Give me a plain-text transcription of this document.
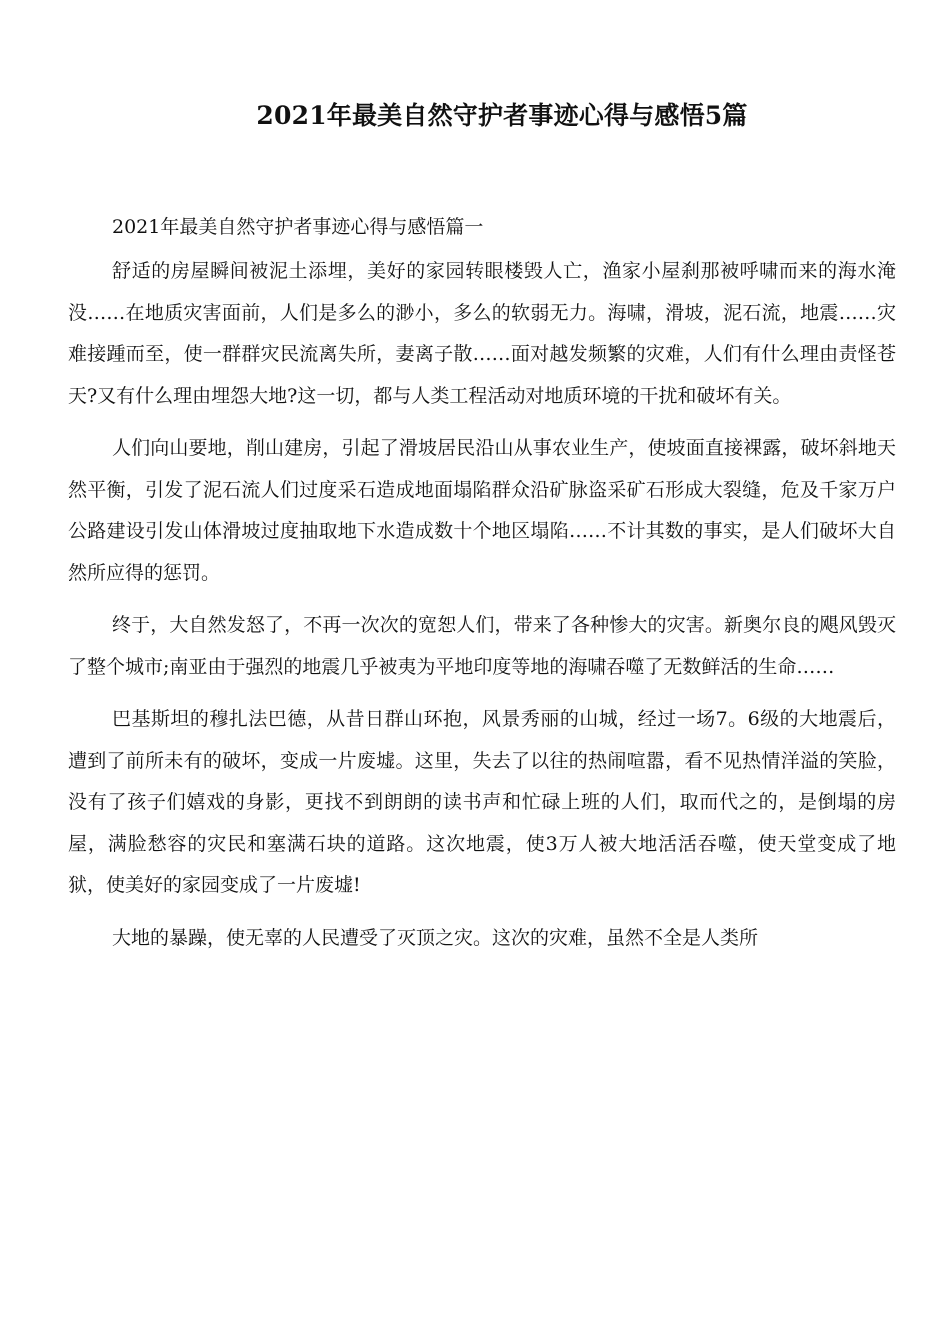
2021年最美自然守护者事迹心得与感悟5篇

2021年最美自然守护者事迹心得与感悟篇一

舒适的房屋瞬间被泥土添埋，美好的家园转眼楼毁人亡，渔家小屋刹那被呼啸而来的海水淹没……在地质灾害面前，人们是多么的渺小，多么的软弱无力。海啸，滑坡，泥石流，地震……灾难接踵而至，使一群群灾民流离失所，妻离子散……面对越发频繁的灾难，人们有什么理由责怪苍天?又有什么理由埋怨大地?这一切，都与人类工程活动对地质环境的干扰和破坏有关。

人们向山要地，削山建房，引起了滑坡居民沿山从事农业生产，使坡面直接裸露，破坏斜地天然平衡，引发了泥石流人们过度采石造成地面塌陷群众沿矿脉盗采矿石形成大裂缝，危及千家万户公路建设引发山体滑坡过度抽取地下水造成数十个地区塌陷……不计其数的事实，是人们破坏大自然所应得的惩罚。

终于，大自然发怒了，不再一次次的宽恕人们，带来了各种惨大的灾害。新奥尔良的飓风毁灭了整个城市;南亚由于强烈的地震几乎被夷为平地印度等地的海啸吞噬了无数鲜活的生命……

巴基斯坦的穆扎法巴德，从昔日群山环抱，风景秀丽的山城，经过一场7。6级的大地震后，遭到了前所未有的破坏，变成一片废墟。这里，失去了以往的热闹喧嚣，看不见热情洋溢的笑脸，没有了孩子们嬉戏的身影，更找不到朗朗的读书声和忙碌上班的人们，取而代之的，是倒塌的房屋，满脸愁容的灾民和塞满石块的道路。这次地震，使3万人被大地活活吞噬，使天堂变成了地狱，使美好的家园变成了一片废墟!

大地的暴躁，使无辜的人民遭受了灭顶之灾。这次的灾难，虽然不全是人类所
